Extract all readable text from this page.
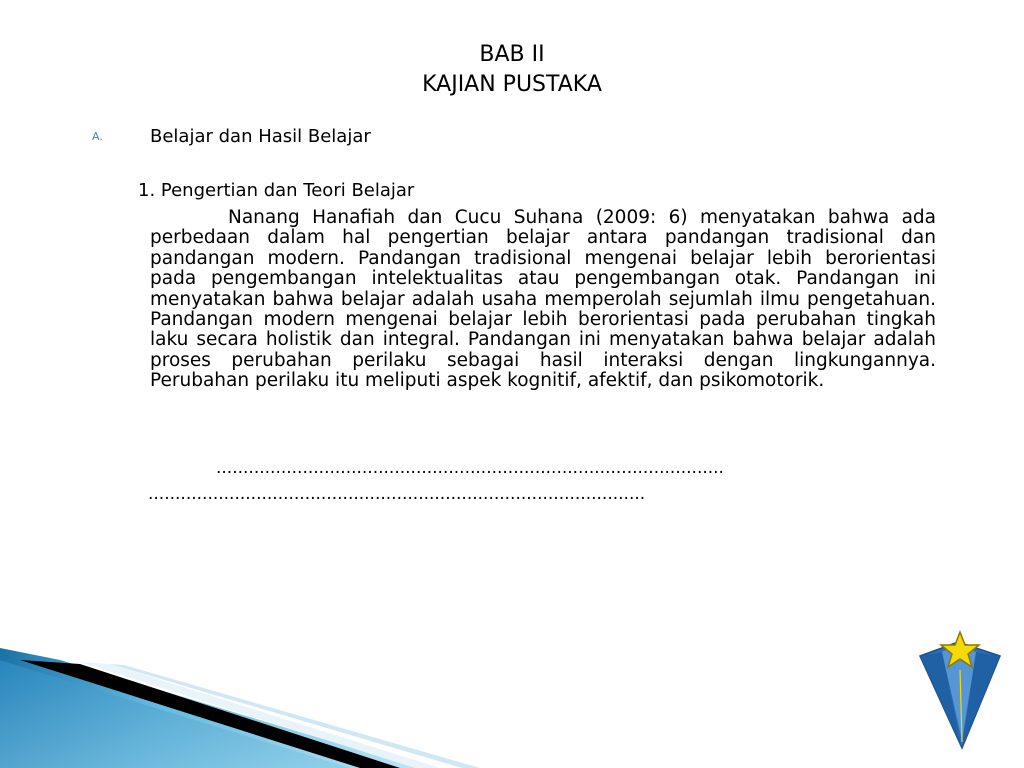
BAB II
KAJIAN PUSTAKA
A.	Belajar dan Hasil Belajar
1. Pengertian dan Teori Belajar
Nanang Hanafiah dan Cucu Suhana (2009: 6) menyatakan bahwa ada perbedaan dalam hal pengertian belajar antara pandangan tradisional dan pandangan modern. Pandangan tradisional mengenai belajar lebih berorientasi pada pengembangan intelektualitas atau pengembangan otak. Pandangan ini menyatakan bahwa belajar adalah usaha memperolah sejumlah ilmu pengetahuan. Pandangan modern mengenai belajar lebih berorientasi pada perubahan tingkah laku secara holistik dan integral. Pandangan ini menyatakan bahwa belajar adalah proses perubahan perilaku sebagai hasil interaksi dengan lingkungannya. Perubahan perilaku itu meliputi aspek kognitif, afektif, dan psikomotorik.
..............................................................................................
............................................................................................
